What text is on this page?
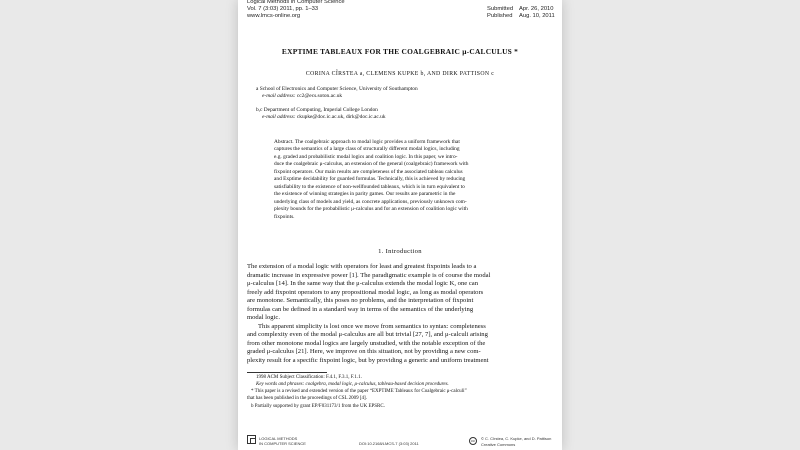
Logical Methods in Computer Science
Vol. 7 (3:03) 2011, pp. 1–33
www.lmcs-online.org
Submitted Apr. 26, 2010
Published Aug. 10, 2011
EXPTIME TABLEAUX FOR THE COALGEBRAIC μ-CALCULUS *
CORINA CÎRSTEA a, CLEMENS KUPKE b, AND DIRK PATTISON c
a School of Electronics and Computer Science, University of Southampton
e-mail address: cc2@ecs.soton.ac.uk
b,c Department of Computing, Imperial College London
e-mail address: ckupke@doc.ic.ac.uk, dirk@doc.ic.ac.uk
Abstract. The coalgebraic approach to modal logic provides a uniform framework that
captures the semantics of a large class of structurally different modal logics, including
e.g. graded and probabilistic modal logics and coalition logic. In this paper, we intro-
duce the coalgebraic μ-calculus, an extension of the general (coalgebraic) framework with
fixpoint operators. Our main results are completeness of the associated tableau calculus
and Exptime decidability for guarded formulas. Technically, this is achieved by reducing
satisfiability to the existence of non-wellfounded tableaux, which is in turn equivalent to
the existence of winning strategies in parity games. Our results are parametric in the
underlying class of models and yield, as concrete applications, previously unknown com-
plexity bounds for the probabilistic μ-calculus and for an extension of coalition logic with
fixpoints.
1. Introduction
The extension of a modal logic with operators for least and greatest fixpoints leads to a
dramatic increase in expressive power [1]. The paradigmatic example is of course the modal
μ-calculus [14]. In the same way that the μ-calculus extends the modal logic K, one can
freely add fixpoint operators to any propositional modal logic, as long as modal operators
are monotone. Semantically, this poses no problems, and the interpretation of fixpoint
formulas can be defined in a standard way in terms of the semantics of the underlying
modal logic.
This apparent simplicity is lost once we move from semantics to syntax: completeness
and complexity even of the modal μ-calculus are all but trivial [27, 7], and μ-calculi arising
from other monotone modal logics are largely unstudied, with the notable exception of the
graded μ-calculus [21]. Here, we improve on this situation, not by providing a new com-
plexity result for a specific fixpoint logic, but by providing a generic and uniform treatment
1998 ACM Subject Classification: F.4.1, F.3.1, F.1.1.
Key words and phrases: coalgebra, modal logic, μ-calculus, tableau-based decision procedures.
* This paper is a revised and extended version of the paper “EXPTIME Tableaux for Coalgebraic μ-calculi”
that has been published in the proceedings of CSL 2009 [4].
b Partially supported by grant EP/F031173/1 from the UK EPSRC.
LOGICAL METHODS
IN COMPUTER SCIENCE	DOI:10.2168/LMCS-7 (3:03) 2011
© C. Cîrstea, C. Kupke, and D. Pattison
Creative Commons
cc
